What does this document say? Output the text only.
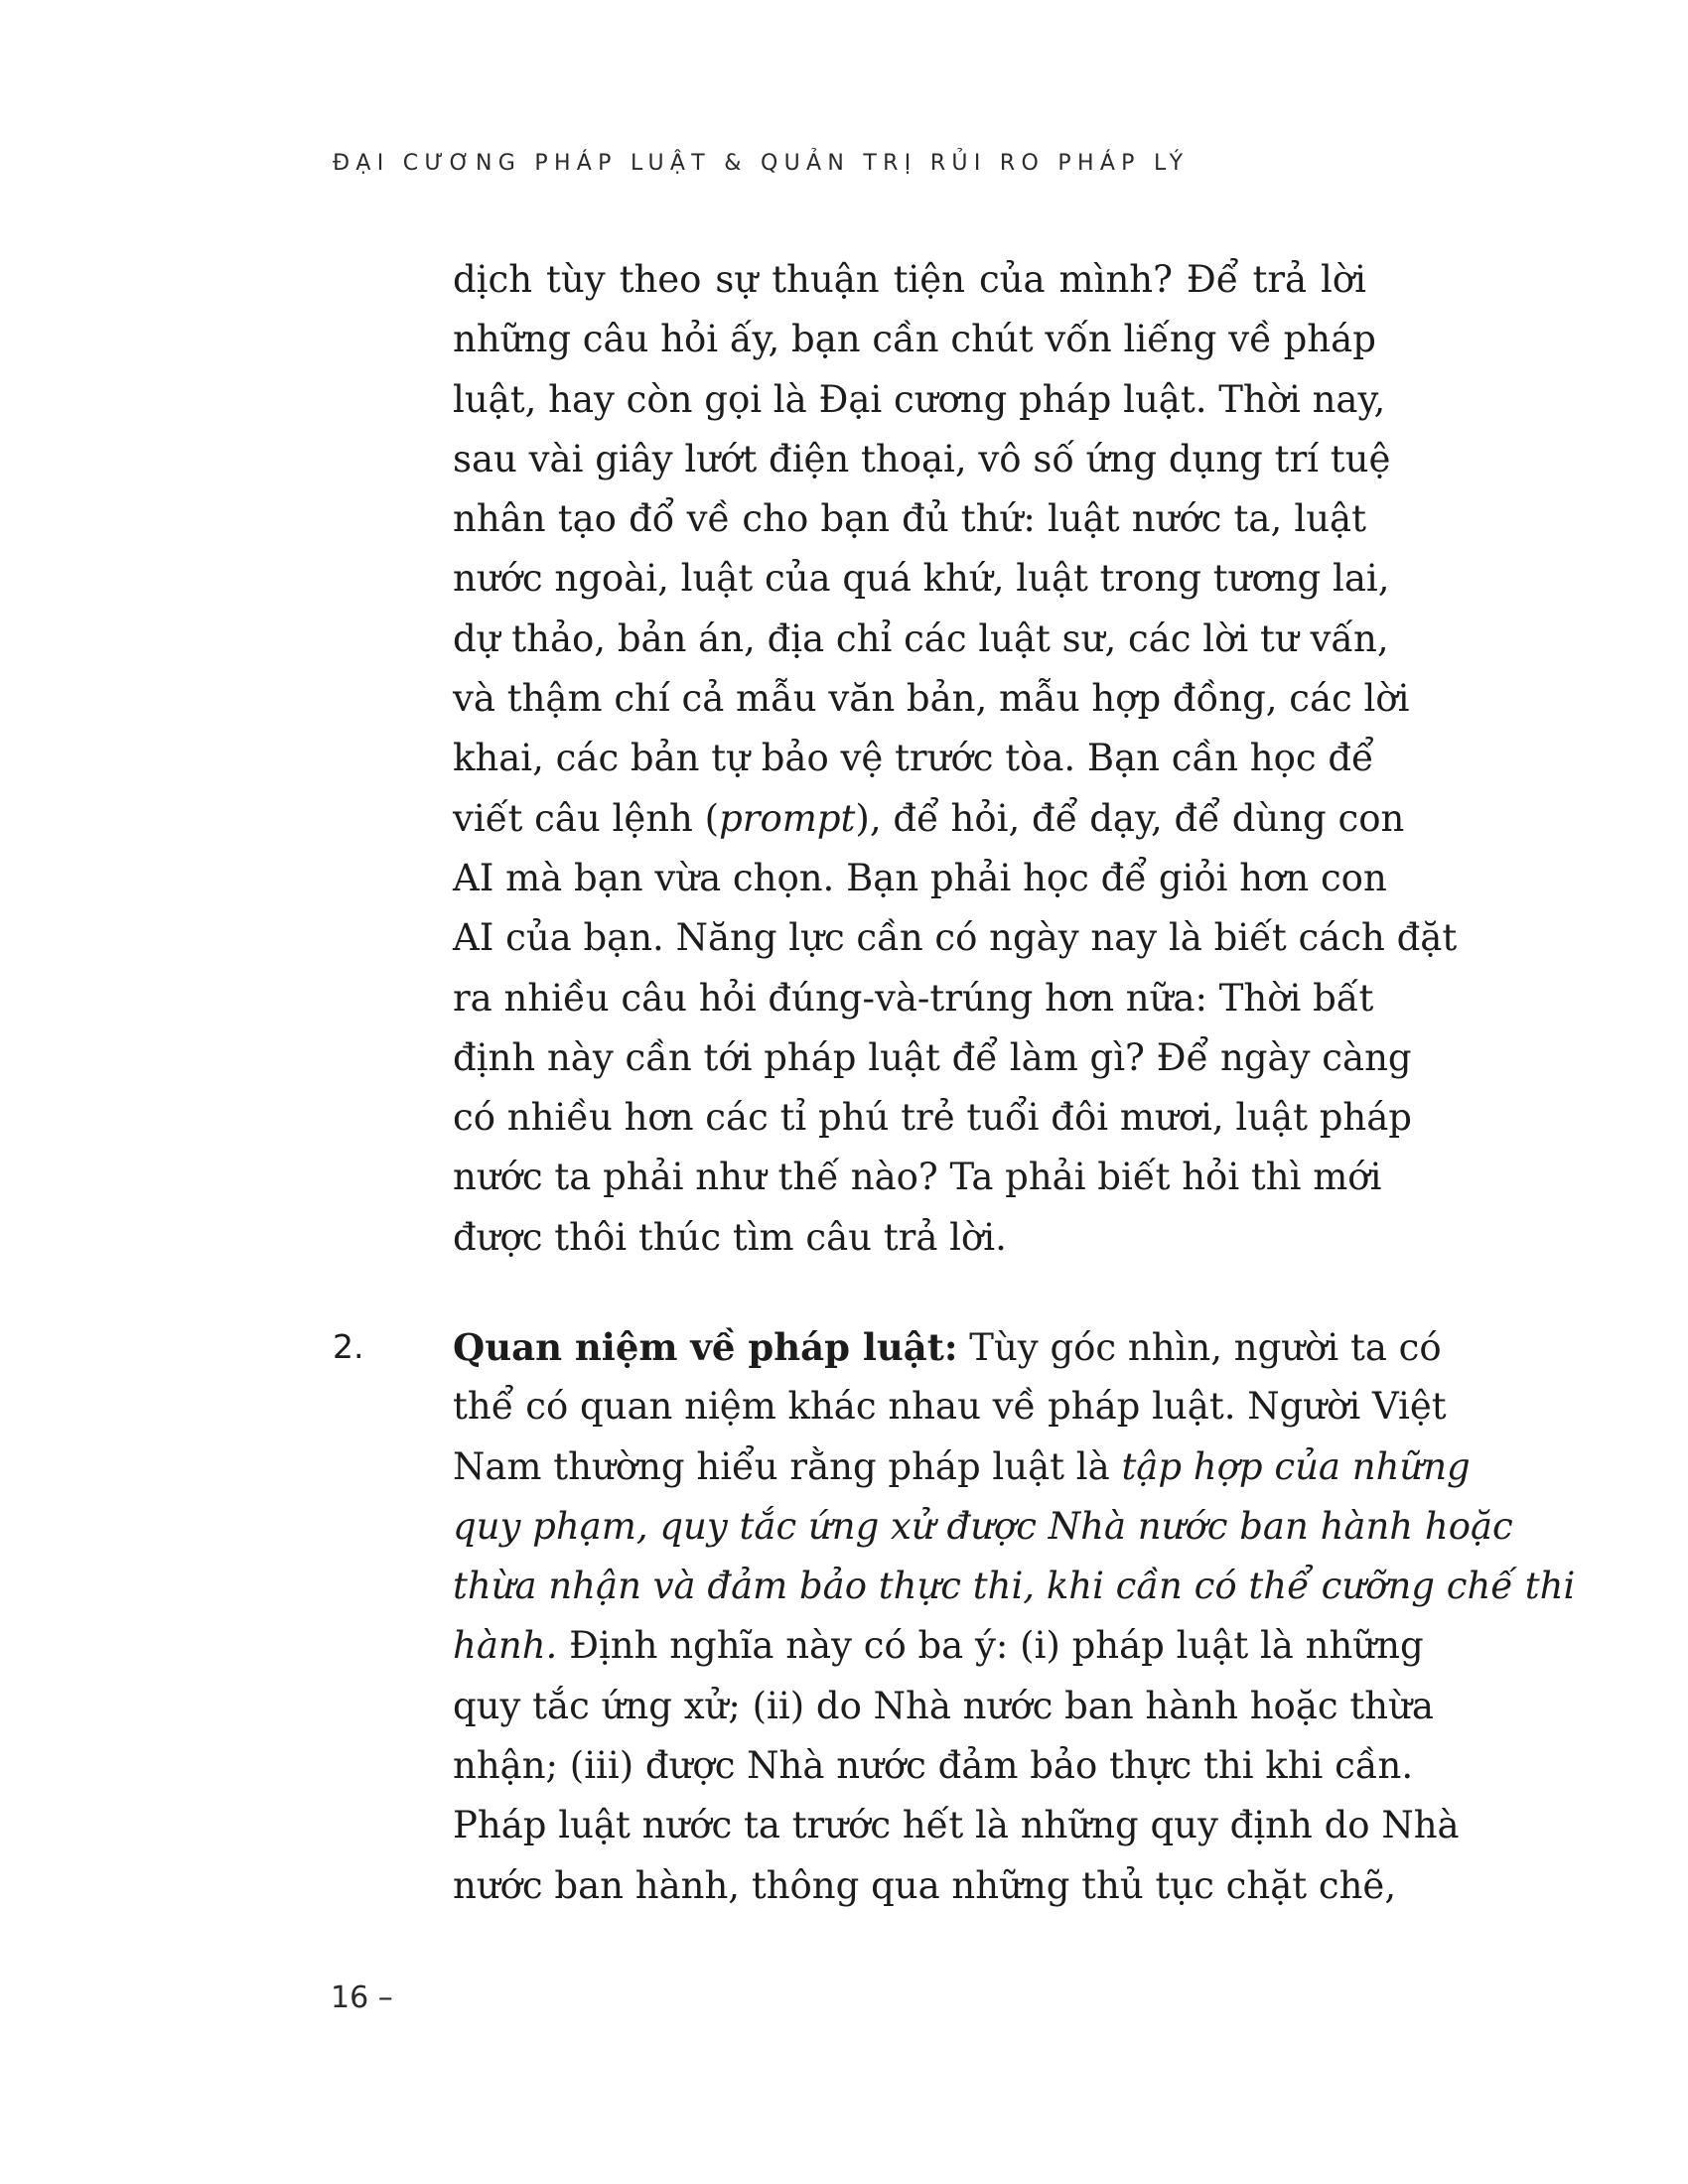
ĐẠI CƯƠNG PHÁP LUẬT & QUẢN TRỊ RỦI RO PHÁP LÝ
dịch tùy theo sự thuận tiện của mình? Để trả lời
những câu hỏi ấy, bạn cần chút vốn liếng về pháp
luật, hay còn gọi là Đại cương pháp luật. Thời nay,
sau vài giây lướt điện thoại, vô số ứng dụng trí tuệ
nhân tạo đổ về cho bạn đủ thứ: luật nước ta, luật
nước ngoài, luật của quá khứ, luật trong tương lai,
dự thảo, bản án, địa chỉ các luật sư, các lời tư vấn,
và thậm chí cả mẫu văn bản, mẫu hợp đồng, các lời
khai, các bản tự bảo vệ trước tòa. Bạn cần học để
viết câu lệnh (prompt), để hỏi, để dạy, để dùng con
AI mà bạn vừa chọn. Bạn phải học để giỏi hơn con
AI của bạn. Năng lực cần có ngày nay là biết cách đặt
ra nhiều câu hỏi đúng-và-trúng hơn nữa: Thời bất
định này cần tới pháp luật để làm gì? Để ngày càng
có nhiều hơn các tỉ phú trẻ tuổi đôi mươi, luật pháp
nước ta phải như thế nào? Ta phải biết hỏi thì mới
được thôi thúc tìm câu trả lời.
2. Quan niệm về pháp luật: Tùy góc nhìn, người ta có
thể có quan niệm khác nhau về pháp luật. Người Việt
Nam thường hiểu rằng pháp luật là tập hợp của những
quy phạm, quy tắc ứng xử được Nhà nước ban hành hoặc
thừa nhận và đảm bảo thực thi, khi cần có thể cưỡng chế thi
hành. Định nghĩa này có ba ý: (i) pháp luật là những
quy tắc ứng xử; (ii) do Nhà nước ban hành hoặc thừa
nhận; (iii) được Nhà nước đảm bảo thực thi khi cần.
Pháp luật nước ta trước hết là những quy định do Nhà
nước ban hành, thông qua những thủ tục chặt chẽ,
16 –
